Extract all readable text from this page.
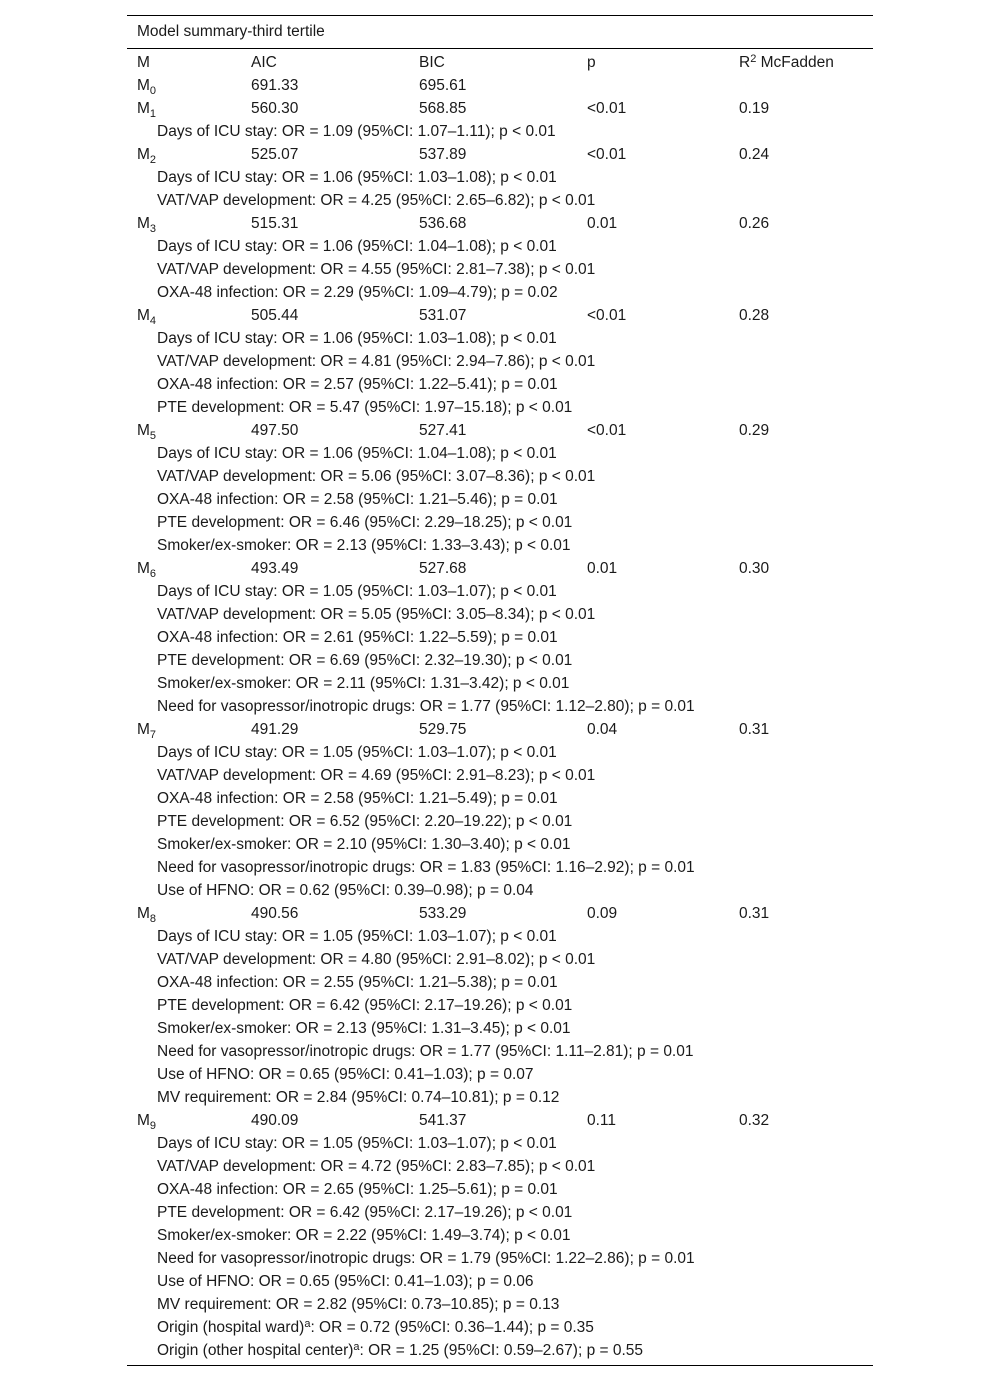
Model summary-third tertile
M	AIC	BIC	p	$R^2$ McFadden
$M_0$	691.33	695.61
$M_1$	560.30	568.85	<0.01	0.19
Days of ICU stay: OR = 1.09 (95%CI: 1.07–1.11); p < 0.01
$M_2$	525.07	537.89	<0.01	0.24
Days of ICU stay: OR = 1.06 (95%CI: 1.03–1.08); p < 0.01
VAT/VAP development: OR = 4.25 (95%CI: 2.65–6.82); p < 0.01
$M_3$	515.31	536.68	0.01	0.26
Days of ICU stay: OR = 1.06 (95%CI: 1.04–1.08); p < 0.01
VAT/VAP development: OR = 4.55 (95%CI: 2.81–7.38); p < 0.01
OXA-48 infection: OR = 2.29 (95%CI: 1.09–4.79); p = 0.02
$M_4$	505.44	531.07	<0.01	0.28
Days of ICU stay: OR = 1.06 (95%CI: 1.03–1.08); p < 0.01
VAT/VAP development: OR = 4.81 (95%CI: 2.94–7.86); p < 0.01
OXA-48 infection: OR = 2.57 (95%CI: 1.22–5.41); p = 0.01
PTE development: OR = 5.47 (95%CI: 1.97–15.18); p < 0.01
$M_5$	497.50	527.41	<0.01	0.29
Days of ICU stay: OR = 1.06 (95%CI: 1.04–1.08); p < 0.01
VAT/VAP development: OR = 5.06 (95%CI: 3.07–8.36); p < 0.01
OXA-48 infection: OR = 2.58 (95%CI: 1.21–5.46); p = 0.01
PTE development: OR = 6.46 (95%CI: 2.29–18.25); p < 0.01
Smoker/ex-smoker: OR = 2.13 (95%CI: 1.33–3.43); p < 0.01
$M_6$	493.49	527.68	0.01	0.30
Days of ICU stay: OR = 1.05 (95%CI: 1.03–1.07); p < 0.01
VAT/VAP development: OR = 5.05 (95%CI: 3.05–8.34); p < 0.01
OXA-48 infection: OR = 2.61 (95%CI: 1.22–5.59); p = 0.01
PTE development: OR = 6.69 (95%CI: 2.32–19.30); p < 0.01
Smoker/ex-smoker: OR = 2.11 (95%CI: 1.31–3.42); p < 0.01
Need for vasopressor/inotropic drugs: OR = 1.77 (95%CI: 1.12–2.80); p = 0.01
$M_7$	491.29	529.75	0.04	0.31
Days of ICU stay: OR = 1.05 (95%CI: 1.03–1.07); p < 0.01
VAT/VAP development: OR = 4.69 (95%CI: 2.91–8.23); p < 0.01
OXA-48 infection: OR = 2.58 (95%CI: 1.21–5.49); p = 0.01
PTE development: OR = 6.52 (95%CI: 2.20–19.22); p < 0.01
Smoker/ex-smoker: OR = 2.10 (95%CI: 1.30–3.40); p < 0.01
Need for vasopressor/inotropic drugs: OR = 1.83 (95%CI: 1.16–2.92); p = 0.01
Use of HFNO: OR = 0.62 (95%CI: 0.39–0.98); p = 0.04
$M_8$	490.56	533.29	0.09	0.31
Days of ICU stay: OR = 1.05 (95%CI: 1.03–1.07); p < 0.01
VAT/VAP development: OR = 4.80 (95%CI: 2.91–8.02); p < 0.01
OXA-48 infection: OR = 2.55 (95%CI: 1.21–5.38); p = 0.01
PTE development: OR = 6.42 (95%CI: 2.17–19.26); p < 0.01
Smoker/ex-smoker: OR = 2.13 (95%CI: 1.31–3.45); p < 0.01
Need for vasopressor/inotropic drugs: OR = 1.77 (95%CI: 1.11–2.81); p = 0.01
Use of HFNO: OR = 0.65 (95%CI: 0.41–1.03); p = 0.07
MV requirement: OR = 2.84 (95%CI: 0.74–10.81); p = 0.12
$M_9$	490.09	541.37	0.11	0.32
Days of ICU stay: OR = 1.05 (95%CI: 1.03–1.07); p < 0.01
VAT/VAP development: OR = 4.72 (95%CI: 2.83–7.85); p < 0.01
OXA-48 infection: OR = 2.65 (95%CI: 1.25–5.61); p = 0.01
PTE development: OR = 6.42 (95%CI: 2.17–19.26); p < 0.01
Smoker/ex-smoker: OR = 2.22 (95%CI: 1.49–3.74); p < 0.01
Need for vasopressor/inotropic drugs: OR = 1.79 (95%CI: 1.22–2.86); p = 0.01
Use of HFNO: OR = 0.65 (95%CI: 0.41–1.03); p = 0.06
MV requirement: OR = 2.82 (95%CI: 0.73–10.85); p = 0.13
Origin (hospital ward)$^a$: OR = 0.72 (95%CI: 0.36–1.44); p = 0.35
Origin (other hospital center)$^a$: OR = 1.25 (95%CI: 0.59–2.67); p = 0.55
